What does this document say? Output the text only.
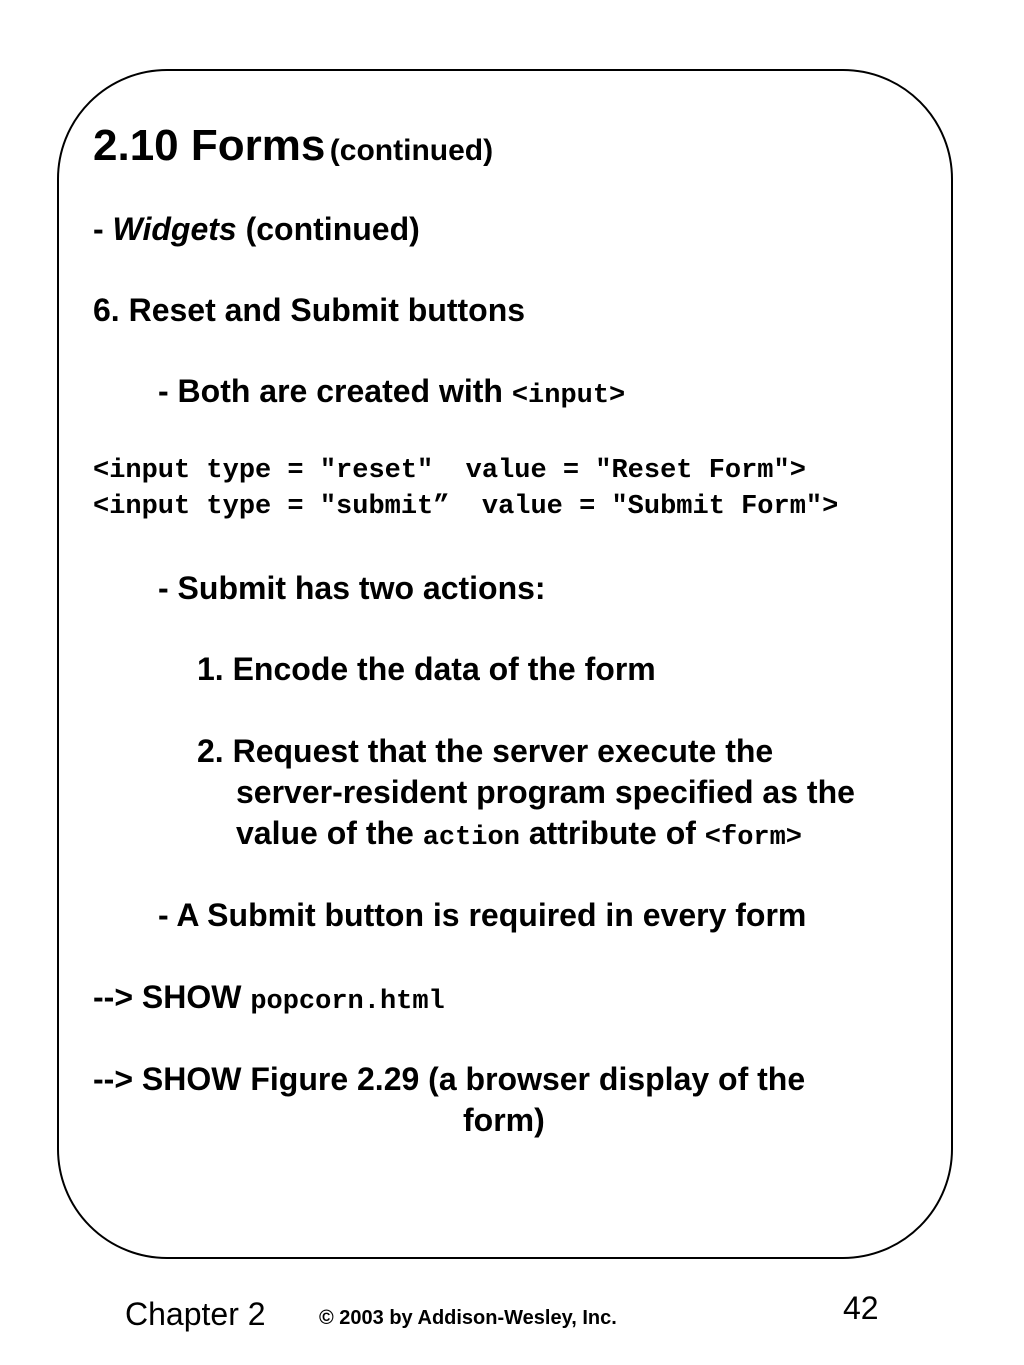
2.10 Forms (continued)
- Widgets (continued)
6. Reset and Submit buttons
- Both are created with <input>
<input type = "reset"  value = "Reset Form">
<input type = "submit”  value = "Submit Form">
- Submit has two actions:
1. Encode the data of the form
2. Request that the server execute the
server-resident program specified as the
value of the action attribute of <form>
- A Submit button is required in every form
--> SHOW popcorn.html
--> SHOW Figure 2.29 (a browser display of the
form)
Chapter 2	© 2003 by Addison-Wesley, Inc.	42
